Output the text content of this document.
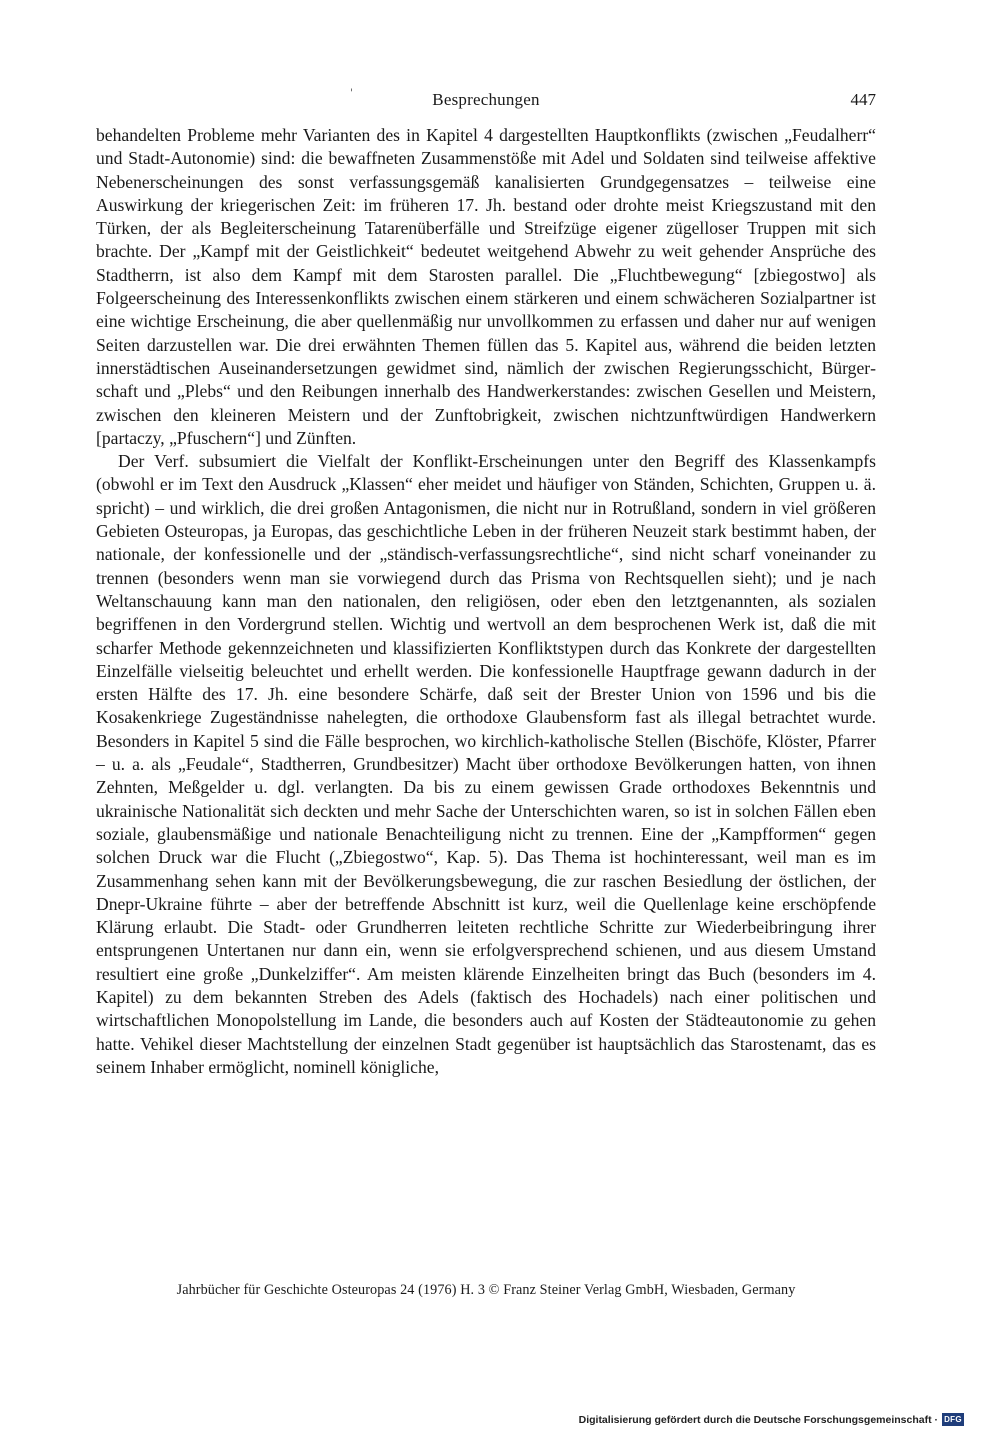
'	Besprechungen	447

behandelten Probleme mehr Varianten des in Kapitel 4 dargestellten Hauptkonflikts (zwischen „Feudalherr“ und Stadt-Autonomie) sind: die bewaffneten Zusammenstöße mit Adel und Soldaten sind teilweise affektive Nebenerscheinungen des sonst verfassungsgemäß kanalisierten Grundgegensatzes – teilweise eine Auswirkung der kriegerischen Zeit: im früheren 17. Jh. bestand oder drohte meist Kriegszustand mit den Türken, der als Begleiterscheinung Tatarenüberfälle und Streifzüge eigener zügelloser Truppen mit sich brachte. Der „Kampf mit der Geistlichkeit“ bedeutet weitgehend Abwehr zu weit gehender Ansprüche des Stadtherrn, ist also dem Kampf mit dem Starosten parallel. Die „Fluchtbewegung“ [zbiegostwo] als Folgeerscheinung des Interessenkonflikts zwischen einem stärkeren und einem schwächeren Sozialpartner ist eine wichtige Erscheinung, die aber quellenmäßig nur unvollkommen zu erfassen und daher nur auf wenigen Seiten darzustellen war. Die drei erwähnten Themen füllen das 5. Kapitel aus, während die beiden letzten innerstädtischen Auseinandersetzungen gewidmet sind, nämlich der zwischen Regierungsschicht, Bürgerschaft und „Plebs“ und den Reibungen innerhalb des Handwerkerstandes: zwischen Gesellen und Meistern, zwischen den kleineren Meistern und der Zunftobrigkeit, zwischen nichtzunftwürdigen Handwerkern [partaczy, „Pfuschern“] und Zünften.

Der Verf. subsumiert die Vielfalt der Konflikt-Erscheinungen unter den Begriff des Klassenkampfs (obwohl er im Text den Ausdruck „Klassen“ eher meidet und häufiger von Ständen, Schichten, Gruppen u. ä. spricht) – und wirklich, die drei großen Antagonismen, die nicht nur in Rotrußland, sondern in viel größeren Gebieten Osteuropas, ja Europas, das geschichtliche Leben in der früheren Neuzeit stark bestimmt haben, der nationale, der konfessionelle und der „ständisch-verfassungsrechtliche“, sind nicht scharf voneinander zu trennen (besonders wenn man sie vorwiegend durch das Prisma von Rechtsquellen sieht); und je nach Weltanschauung kann man den nationalen, den religiösen, oder eben den letztgenannten, als sozialen begriffenen in den Vordergrund stellen. Wichtig und wertvoll an dem besprochenen Werk ist, daß die mit scharfer Methode gekennzeichneten und klassifizierten Konfliktstypen durch das Konkrete der dargestellten Einzelfälle vielseitig beleuchtet und erhellt werden. Die konfessionelle Hauptfrage gewann dadurch in der ersten Hälfte des 17. Jh. eine besondere Schärfe, daß seit der Brester Union von 1596 und bis die Kosakenkriege Zugeständnisse nahelegten, die orthodoxe Glaubensform fast als illegal betrachtet wurde. Besonders in Kapitel 5 sind die Fälle besprochen, wo kirchlich-katholische Stellen (Bischöfe, Klöster, Pfarrer – u. a. als „Feudale“, Stadtherren, Grundbesitzer) Macht über orthodoxe Bevölkerungen hatten, von ihnen Zehnten, Meßgelder u. dgl. verlangten. Da bis zu einem gewissen Grade orthodoxes Bekenntnis und ukrainische Nationalität sich deckten und mehr Sache der Unterschichten waren, so ist in solchen Fällen eben soziale, glaubensmäßige und nationale Benachteiligung nicht zu trennen. Eine der „Kampfformen“ gegen solchen Druck war die Flucht („Zbiegostwo“, Kap. 5). Das Thema ist hochinteressant, weil man es im Zusammenhang sehen kann mit der Bevölkerungsbewegung, die zur raschen Besiedlung der östlichen, der Dnepr-Ukraine führte – aber der betreffende Abschnitt ist kurz, weil die Quellenlage keine erschöpfende Klärung erlaubt. Die Stadt- oder Grundherren leiteten rechtliche Schritte zur Wiederbeibringung ihrer entsprungenen Untertanen nur dann ein, wenn sie erfolgversprechend schienen, und aus diesem Umstand resultiert eine große „Dunkelziffer“. Am meisten klärende Einzelheiten bringt das Buch (besonders im 4. Kapitel) zu dem bekannten Streben des Adels (faktisch des Hochadels) nach einer politischen und wirtschaftlichen Monopolstellung im Lande, die besonders auch auf Kosten der Städteautonomie zu gehen hatte. Vehikel dieser Machtstellung der einzelnen Stadt gegenüber ist hauptsächlich das Starostenamt, das es seinem Inhaber ermöglicht, nominell königliche,

Jahrbücher für Geschichte Osteuropas 24 (1976) H. 3 © Franz Steiner Verlag GmbH, Wiesbaden, Germany
Digitalisierung gefördert durch die Deutsche Forschungsgemeinschaft · DFG
